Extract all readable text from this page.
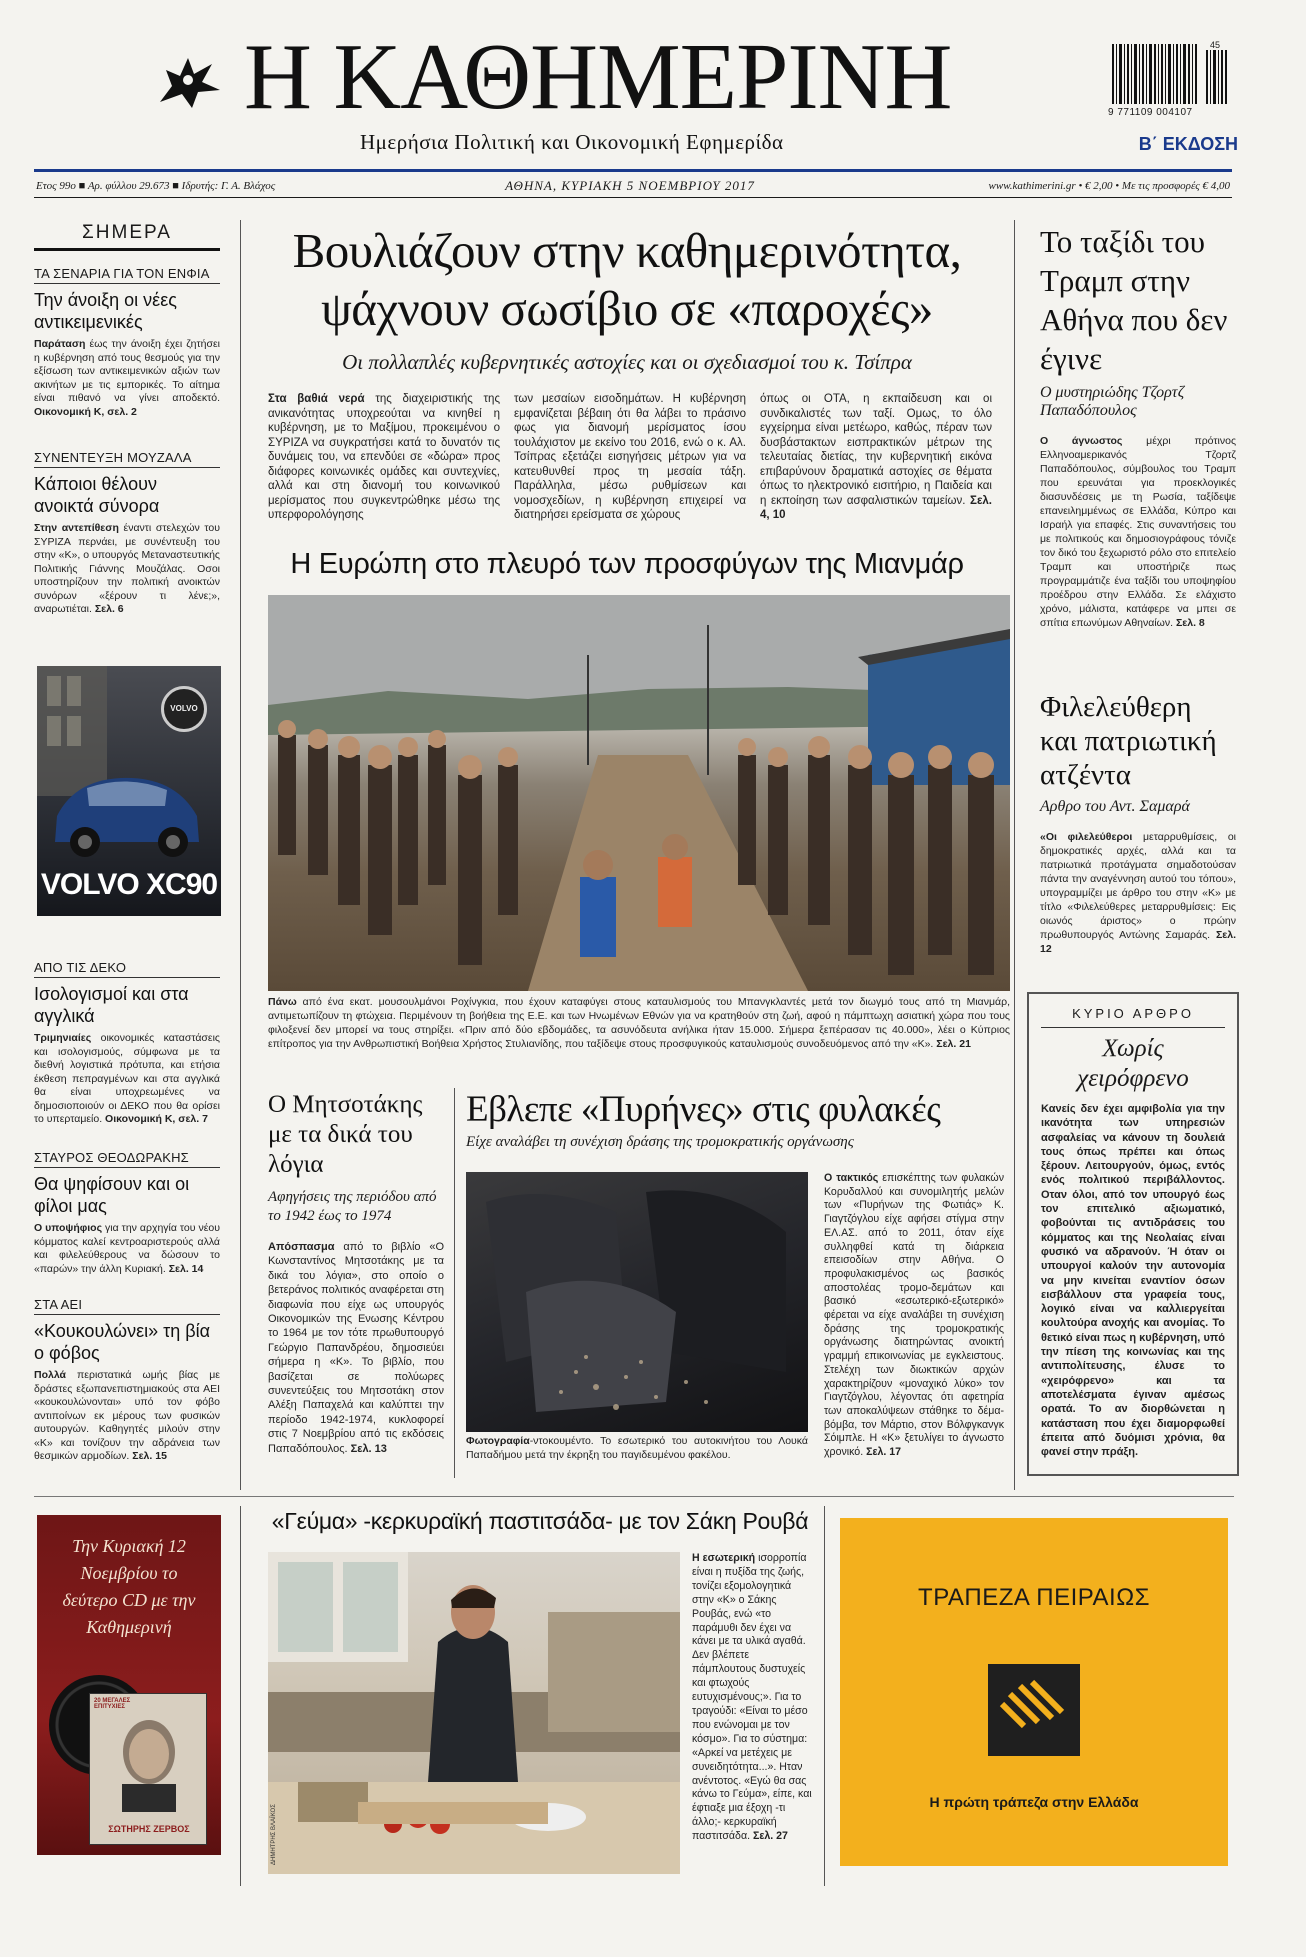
Η ΚΑΘΗΜΕΡΙΝΗ
Ημερήσια Πολιτική και Οικονομική Εφημερίδα
45
9 771109 004107
Β΄ ΕΚΔΟΣΗ
Ετος 99ο ■ Αρ. φύλλου 29.673 ■ Ιδρυτής: Γ. Α. Βλάχος	ΑΘΗΝΑ, ΚΥΡΙΑΚΗ 5 ΝΟΕΜΒΡΙΟΥ 2017	www.kathimerini.gr • € 2,00 • Με τις προσφορές € 4,00
ΣΗΜΕΡΑ
ΤΑ ΣΕΝΑΡΙΑ ΓΙΑ ΤΟΝ ΕΝΦΙΑ
Την άνοιξη οι νέες αντικειμενικές
Παράταση έως την άνοιξη έχει ζητήσει η κυβέρνηση από τους θεσμούς για την εξίσωση των αντικειμενικών αξιών των ακινήτων με τις εμπορικές. Το αίτημα είναι πιθανό να γίνει αποδεκτό. Οικονομική Κ, σελ. 2
ΣΥΝΕΝΤΕΥΞΗ ΜΟΥΖΑΛΑ
Κάποιοι θέλουν ανοικτά σύνορα
Στην αντεπίθεση έναντι στελεχών του ΣΥΡΙΖΑ περνάει, με συνέντευξη του στην «Κ», ο υπουργός Μεταναστευτικής Πολιτικής Γιάννης Μουζάλας. Οσοι υποστηρίζουν την πολιτική ανοικτών συνόρων «ξέρουν τι λένε;», αναρωτιέται. Σελ. 6
VOLVO
VOLVO XC90
ΑΠΟ ΤΙΣ ΔΕΚΟ
Ισολογισμοί και στα αγγλικά
Τριμηνιαίες οικονομικές καταστάσεις και ισολογισμούς, σύμφωνα με τα διεθνή λογιστικά πρότυπα, και ετήσια έκθεση πεπραγμένων και στα αγγλικά θα είναι υποχρεωμένες να δημοσιοποιούν οι ΔΕΚΟ που θα ορίσει το υπερταμείο. Οικονομική Κ, σελ. 7
ΣΤΑΥΡΟΣ ΘΕΟΔΩΡΑΚΗΣ
Θα ψηφίσουν και οι φίλοι μας
Ο υποψήφιος για την αρχηγία του νέου κόμματος καλεί κεντροαριστερούς αλλά και φιλελεύθερους να δώσουν το «παρών» την άλλη Κυριακή. Σελ. 14
ΣΤΑ ΑΕΙ
«Κουκουλώνει» τη βία ο φόβος
Πολλά περιστατικά ωμής βίας με δράστες εξωπανεπιστημιακούς στα ΑΕΙ «κουκουλώνονται» υπό τον φόβο αντιποίνων εκ μέρους των φυσικών αυτουργών. Καθηγητές μιλούν στην «Κ» και τονίζουν την αδράνεια των θεσμικών αρμοδίων. Σελ. 15
Την Κυριακή 12 Νοεμβρίου το δεύτερο CD με την Καθημερινή
20 ΜΕΓΑΛΕΣ ΕΠΙΤΥΧΙΕΣ
ΣΩΤΗΡΗΣ ΖΕΡΒΟΣ
Βουλιάζουν στην καθημερινότητα, ψάχνουν σωσίβιο σε «παροχές»
Οι πολλαπλές κυβερνητικές αστοχίες και οι σχεδιασμοί του κ. Τσίπρα
Στα βαθιά νερά της διαχειριστικής της ανικανότητας υποχρεούται να κινηθεί η κυβέρνηση, με το Μαξίμου, προκειμένου ο ΣΥΡΙΖΑ να συγκρατήσει κατά το δυνατόν τις δυνάμεις του, να επενδύει σε «δώρα» προς διάφορες κοινωνικές ομάδες και συντεχνίες, αλλά και στη διανομή του κοινωνικού μερίσματος που συγκεντρώθηκε μέσω της υπερφορολόγησης
των μεσαίων εισοδημάτων. Η κυβέρνηση εμφανίζεται βέβαιη ότι θα λάβει το πράσινο φως για διανομή μερίσματος ίσου τουλάχιστον με εκείνο του 2016, ενώ ο κ. Αλ. Τσίπρας εξετάζει εισηγήσεις μέτρων για να κατευθυνθεί προς τη μεσαία τάξη. Παράλληλα, μέσω ρυθμίσεων και νομοσχεδίων, η κυβέρνηση επιχειρεί να διατηρήσει ερείσματα σε χώρους
όπως οι ΟΤΑ, η εκπαίδευση και οι συνδικαλιστές των ταξί. Ομως, το όλο εγχείρημα είναι μετέωρο, καθώς, πέραν των δυσβάστακτων εισπρακτικών μέτρων της τελευταίας διετίας, την κυβερνητική εικόνα επιβαρύνουν δραματικά αστοχίες σε θέματα όπως το ηλεκτρονικό εισιτήριο, η Παιδεία και η εκποίηση των ασφαλιστικών ταμείων. Σελ. 4, 10
Η Ευρώπη στο πλευρό των προσφύγων της Μιανμάρ
Πάνω από ένα εκατ. μουσουλμάνοι Ροχίνγκια, που έχουν καταφύγει στους καταυλισμούς του Μπανγκλαντές μετά τον διωγμό τους από τη Μιανμάρ, αντιμετωπίζουν τη φτώχεια. Περιμένουν τη βοήθεια της Ε.Ε. και των Ηνωμένων Εθνών για να κρατηθούν στη ζωή, αφού η πάμπτωχη ασιατική χώρα που τους φιλοξενεί δεν μπορεί να τους στηρίξει. «Πριν από δύο εβδομάδες, τα ασυνόδευτα ανήλικα ήταν 15.000. Σήμερα ξεπέρασαν τις 40.000», λέει ο Κύπριος επίτροπος για την Ανθρωπιστική Βοήθεια Χρήστος Στυλιανίδης, που ταξίδεψε στους προσφυγικούς καταυλισμούς συνοδευόμενος από την «Κ». Σελ. 21
Το ταξίδι του Τραμπ στην Αθήνα που δεν έγινε
Ο μυστηριώδης Τζορτζ Παπαδόπουλος
Ο άγνωστος μέχρι πρότινος Ελληνοαμερικανός Τζορτζ Παπαδόπουλος, σύμβουλος του Τραμπ που ερευνάται για προεκλογικές διασυνδέσεις με τη Ρωσία, ταξίδεψε επανειλημμένως σε Ελλάδα, Κύπρο και Ισραήλ για επαφές. Στις συναντήσεις του με πολιτικούς και δημοσιογράφους τόνιζε τον δικό του ξεχωριστό ρόλο στο επιτελείο Τραμπ και υποστήριζε πως προγραμμάτιζε ένα ταξίδι του υποψηφίου προέδρου στην Ελλάδα. Σε ελάχιστο χρόνο, μάλιστα, κατάφερε να μπει σε σπίτια επωνύμων Αθηναίων. Σελ. 8
Φιλελεύθερη και πατριωτική ατζέντα
Αρθρο του Αντ. Σαμαρά
«Οι φιλελεύθεροι μεταρρυθμίσεις, οι δημοκρατικές αρχές, αλλά και τα πατριωτικά προτάγματα σημαδοτούσαν πάντα την αναγέννηση αυτού του τόπου», υπογραμμίζει με άρθρο του στην «Κ» με τίτλο «Φιλελεύθερες μεταρρυθμίσεις: Εις οιωνός άριστος» ο πρώην πρωθυπουργός Αντώνης Σαμαράς. Σελ. 12
ΚΥΡΙΟ ΑΡΘΡΟ
Χωρίς χειρόφρενο
Κανείς δεν έχει αμφιβολία για την ικανότητα των υπηρεσιών ασφαλείας να κάνουν τη δουλειά τους όπως πρέπει και όπως ξέρουν. Λειτουργούν, όμως, εντός ενός πολιτικού περιβάλλοντος. Οταν όλοι, από τον υπουργό έως τον επιτελικό αξιωματικό, φοβούνται τις αντιδράσεις του κόμματος και της Νεολαίας είναι φυσικό να αδρανούν. Ή όταν οι υπουργοί καλούν την αυτονομία να μην κινείται εναντίον όσων εισβάλλουν στα γραφεία τους, λογικό είναι να καλλιεργείται κουλτούρα ανοχής και ανομίας. Το θετικό είναι πως η κυβέρνηση, υπό την πίεση της κοινωνίας και της αντιπολίτευσης, έλυσε το «χειρόφρενο» και τα αποτελέσματα έγιναν αμέσως ορατά. Το αν διορθώνεται η κατάσταση που έχει διαμορφωθεί έπειτα από δυόμισι χρόνια, θα φανεί στην πράξη.
Ο Μητσοτάκης με τα δικά του λόγια
Αφηγήσεις της περιόδου από το 1942 έως το 1974
Απόσπασμα από το βιβλίο «Ο Κωνσταντίνος Μητσοτάκης με τα δικά του λόγια», στο οποίο ο βετεράνος πολιτικός αναφέρεται στη διαφωνία που είχε ως υπουργός Οικονομικών της Ενωσης Κέντρου το 1964 με τον τότε πρωθυπουργό Γεώργιο Παπανδρέου, δημοσιεύει σήμερα η «Κ». Το βιβλίο, που βασίζεται σε πολύωρες συνεντεύξεις του Μητσοτάκη στον Αλέξη Παπαχελά και καλύπτει την περίοδο 1942-1974, κυκλοφορεί στις 7 Νοεμβρίου από τις εκδόσεις Παπαδόπουλος. Σελ. 13
Εβλεπε «Πυρήνες» στις φυλακές
Είχε αναλάβει τη συνέχιση δράσης της τρομοκρατικής οργάνωσης
Φωτογραφία-ντοκουμέντο. Το εσωτερικό του αυτοκινήτου του Λουκά Παπαδήμου μετά την έκρηξη του παγιδευμένου φακέλου.
Ο τακτικός επισκέπτης των φυλακών Κορυδαλλού και συνομιλητής μελών των «Πυρήνων της Φωτιάς» Κ. Γιαγτζόγλου είχε αφήσει στίγμα στην ΕΛ.ΑΣ. από το 2011, όταν είχε συλληφθεί κατά τη διάρκεια επεισοδίων στην Αθήνα. Ο προφυλακισμένος ως βασικός αποστολέας τρομο-δεμάτων και βασικό «εσωτερικό-εξωτερικό» φέρεται να είχε αναλάβει τη συνέχιση δράσης της τρομοκρατικής οργάνωσης διατηρώντας ανοικτή γραμμή επικοινωνίας με εγκλειστους. Στελέχη των διωκτικών αρχών χαρακτηρίζουν «μοναχικό λύκο» τον Γιαγτζόγλου, λέγοντας ότι αφετηρία των αποκαλύψεων στάθηκε το δέμα-βόμβα, τον Μάρτιο, στον Βόλφγκανγκ Σόιμπλε. Η «Κ» ξετυλίγει το άγνωστο χρονικό. Σελ. 17
«Γεύμα» -κερκυραϊκή παστιτσάδα- με τον Σάκη Ρουβά
ΔΗΜΗΤΡΗΣ ΒΛΑΪΚΟΣ
Η εσωτερική ισορροπία είναι η πυξίδα της ζωής, τονίζει εξομολογητικά στην «Κ» ο Σάκης Ρουβάς, ενώ «το παράμυθι δεν έχει να κάνει με τα υλικά αγαθά. Δεν βλέπετε πάμπλουτους δυστυχείς και φτωχούς ευτυχισμένους;». Για το τραγούδι: «Είναι το μέσο που ενώνομαι με τον κόσμο». Για το σύστημα: «Αρκεί να μετέχεις με συνειδητότητα...». Ηταν ανέντοτος. «Εγώ θα σας κάνω το Γεύμα», είπε, και έφτιαξε μια έξοχη -τι άλλο;- κερκυραϊκή παστιτσάδα. Σελ. 27
ΤΡΑΠΕΖΑ ΠΕΙΡΑΙΩΣ
Η πρώτη τράπεζα στην Ελλάδα
